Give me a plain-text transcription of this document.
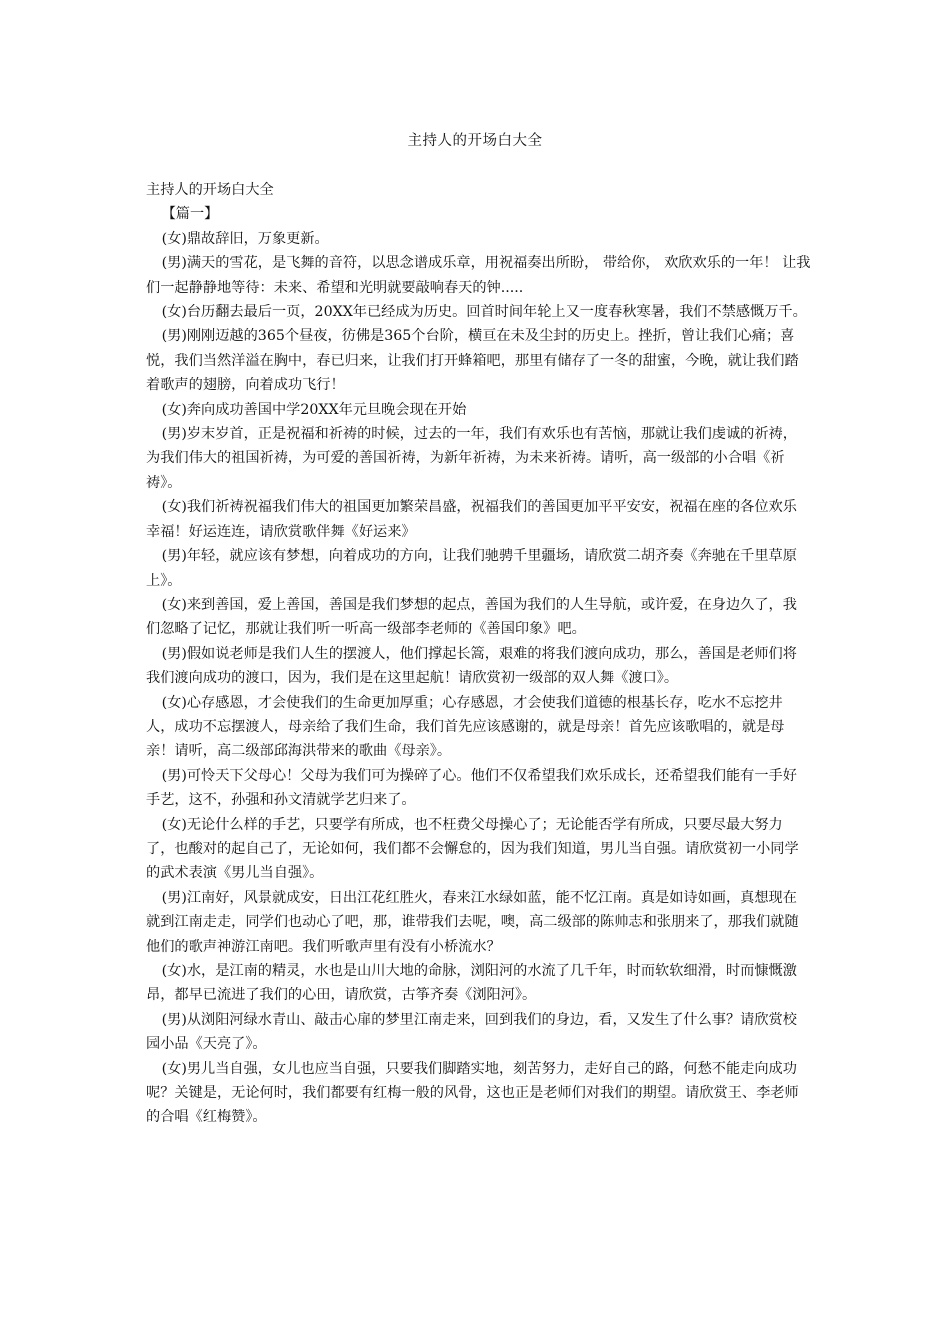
主持人的开场白大全

主持人的开场白大全

【篇一】

(女)鼎故辞旧，万象更新。

(男)满天的雪花，是飞舞的音符，以思念谱成乐章，用祝福奏出所盼， 带给你， 欢欣欢乐的一年！ 让我们一起静静地等待：未来、希望和光明就要敲响春天的钟.....

(女)台历翻去最后一页，20XX年已经成为历史。回首时间年轮上又一度春秋寒暑，我们不禁感慨万千。

(男)刚刚迈越的365个昼夜，彷佛是365个台阶，横亘在未及尘封的历史上。挫折，曾让我们心痛；喜悦，我们当然洋溢在胸中，春已归来，让我们打开蜂箱吧，那里有储存了一冬的甜蜜，今晚，就让我们踏着歌声的翅膀，向着成功飞行！

(女)奔向成功善国中学20XX年元旦晚会现在开始

(男)岁末岁首，正是祝福和祈祷的时候，过去的一年，我们有欢乐也有苦恼，那就让我们虔诚的祈祷，为我们伟大的祖国祈祷，为可爱的善国祈祷，为新年祈祷，为未来祈祷。请听，高一级部的小合唱《祈祷》。

(女)我们祈祷祝福我们伟大的祖国更加繁荣昌盛，祝福我们的善国更加平平安安，祝福在座的各位欢乐幸福！好运连连，请欣赏歌伴舞《好运来》

(男)年轻，就应该有梦想，向着成功的方向，让我们驰骋千里疆场，请欣赏二胡齐奏《奔驰在千里草原上》。

(女)来到善国，爱上善国，善国是我们梦想的起点，善国为我们的人生导航，或许爱，在身边久了，我们忽略了记忆，那就让我们听一听高一级部李老师的《善国印象》吧。

(男)假如说老师是我们人生的摆渡人，他们撑起长篙，艰难的将我们渡向成功，那么，善国是老师们将我们渡向成功的渡口，因为，我们是在这里起航！请欣赏初一级部的双人舞《渡口》。

(女)心存感恩，才会使我们的生命更加厚重；心存感恩，才会使我们道德的根基长存，吃水不忘挖井人，成功不忘摆渡人，母亲给了我们生命，我们首先应该感谢的，就是母亲！首先应该歌唱的，就是母亲！请听，高二级部邱海洪带来的歌曲《母亲》。

(男)可怜天下父母心！父母为我们可为操碎了心。他们不仅希望我们欢乐成长，还希望我们能有一手好手艺，这不，孙强和孙文清就学艺归来了。

(女)无论什么样的手艺，只要学有所成，也不枉费父母操心了；无论能否学有所成，只要尽最大努力了，也酸对的起自己了，无论如何，我们都不会懈怠的，因为我们知道，男儿当自强。请欣赏初一小同学的武术表演《男儿当自强》。

(男)江南好，风景就成安，日出江花红胜火，春来江水绿如蓝，能不忆江南。真是如诗如画，真想现在就到江南走走，同学们也动心了吧，那，谁带我们去呢，噢，高二级部的陈帅志和张朋来了，那我们就随他们的歌声神游江南吧。我们听歌声里有没有小桥流水？

(女)水，是江南的精灵，水也是山川大地的命脉，浏阳河的水流了几千年，时而软软细滑，时而慷慨激昂，都早已流进了我们的心田，请欣赏，古筝齐奏《浏阳河》。

(男)从浏阳河绿水青山、敲击心扉的梦里江南走来，回到我们的身边，看，又发生了什么事？请欣赏校园小品《天亮了》。

(女)男儿当自强，女儿也应当自强，只要我们脚踏实地，刻苦努力，走好自己的路，何愁不能走向成功呢？关键是，无论何时，我们都要有红梅一般的风骨，这也正是老师们对我们的期望。请欣赏王、李老师的合唱《红梅赞》。
